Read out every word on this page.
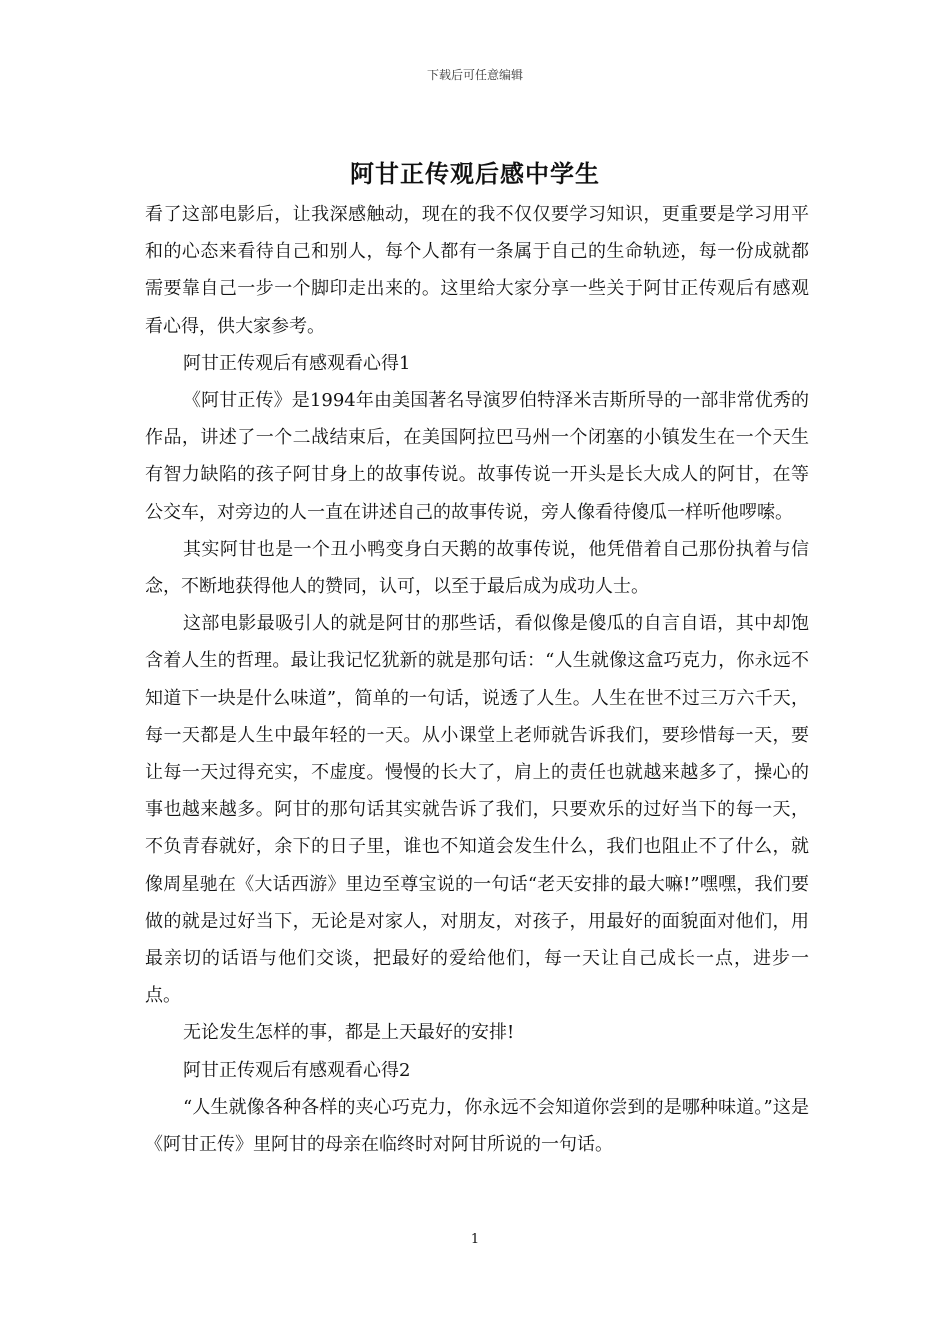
下载后可任意编辑
阿甘正传观后感中学生

看了这部电影后，让我深感触动，现在的我不仅仅要学习知识，更重要是学习用平和的心态来看待自己和别人，每个人都有一条属于自己的生命轨迹，每一份成就都需要靠自己一步一个脚印走出来的。这里给大家分享一些关于阿甘正传观后有感观看心得，供大家参考。

阿甘正传观后有感观看心得1

《阿甘正传》是1994年由美国著名导演罗伯特泽米吉斯所导的一部非常优秀的作品，讲述了一个二战结束后，在美国阿拉巴马州一个闭塞的小镇发生在一个天生有智力缺陷的孩子阿甘身上的故事传说。故事传说一开头是长大成人的阿甘，在等公交车，对旁边的人一直在讲述自己的故事传说，旁人像看待傻瓜一样听他啰嗦。

其实阿甘也是一个丑小鸭变身白天鹅的故事传说，他凭借着自己那份执着与信念，不断地获得他人的赞同，认可，以至于最后成为成功人士。

这部电影最吸引人的就是阿甘的那些话，看似像是傻瓜的自言自语，其中却饱含着人生的哲理。最让我记忆犹新的就是那句话：“人生就像这盒巧克力，你永远不知道下一块是什么味道”，简单的一句话，说透了人生。人生在世不过三万六千天，每一天都是人生中最年轻的一天。从小课堂上老师就告诉我们，要珍惜每一天，要让每一天过得充实，不虚度。慢慢的长大了，肩上的责任也就越来越多了，操心的事也越来越多。阿甘的那句话其实就告诉了我们，只要欢乐的过好当下的每一天，不负青春就好，余下的日子里，谁也不知道会发生什么，我们也阻止不了什么，就像周星驰在《大话西游》里边至尊宝说的一句话“老天安排的最大嘛!”嘿嘿，我们要做的就是过好当下，无论是对家人，对朋友，对孩子，用最好的面貌面对他们，用最亲切的话语与他们交谈，把最好的爱给他们，每一天让自己成长一点，进步一点。

无论发生怎样的事，都是上天最好的安排!

阿甘正传观后有感观看心得2

“人生就像各种各样的夹心巧克力，你永远不会知道你尝到的是哪种味道。”这是《阿甘正传》里阿甘的母亲在临终时对阿甘所说的一句话。

1
